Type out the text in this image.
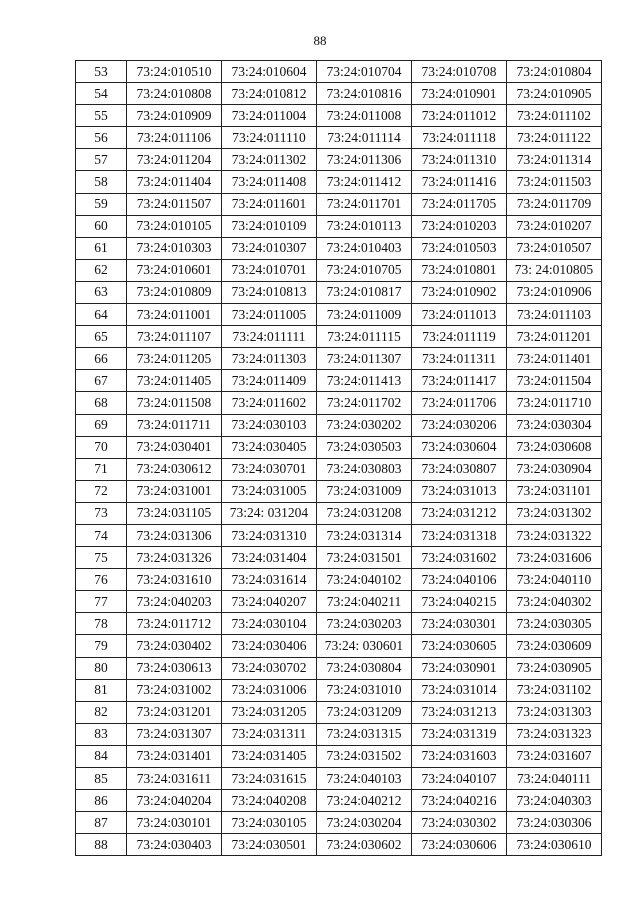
88
53	73:24:010510	73:24:010604	73:24:010704	73:24:010708	73:24:010804
54	73:24:010808	73:24:010812	73:24:010816	73:24:010901	73:24:010905
55	73:24:010909	73:24:011004	73:24:011008	73:24:011012	73:24:011102
56	73:24:011106	73:24:011110	73:24:011114	73:24:011118	73:24:011122
57	73:24:011204	73:24:011302	73:24:011306	73:24:011310	73:24:011314
58	73:24:011404	73:24:011408	73:24:011412	73:24:011416	73:24:011503
59	73:24:011507	73:24:011601	73:24:011701	73:24:011705	73:24:011709
60	73:24:010105	73:24:010109	73:24:010113	73:24:010203	73:24:010207
61	73:24:010303	73:24:010307	73:24:010403	73:24:010503	73:24:010507
62	73:24:010601	73:24:010701	73:24:010705	73:24:010801	73: 24:010805
63	73:24:010809	73:24:010813	73:24:010817	73:24:010902	73:24:010906
64	73:24:011001	73:24:011005	73:24:011009	73:24:011013	73:24:011103
65	73:24:011107	73:24:011111	73:24:011115	73:24:011119	73:24:011201
66	73:24:011205	73:24:011303	73:24:011307	73:24:011311	73:24:011401
67	73:24:011405	73:24:011409	73:24:011413	73:24:011417	73:24:011504
68	73:24:011508	73:24:011602	73:24:011702	73:24:011706	73:24:011710
69	73:24:011711	73:24:030103	73:24:030202	73:24:030206	73:24:030304
70	73:24:030401	73:24:030405	73:24:030503	73:24:030604	73:24:030608
71	73:24:030612	73:24:030701	73:24:030803	73:24:030807	73:24:030904
72	73:24:031001	73:24:031005	73:24:031009	73:24:031013	73:24:031101
73	73:24:031105	73:24: 031204	73:24:031208	73:24:031212	73:24:031302
74	73:24:031306	73:24:031310	73:24:031314	73:24:031318	73:24:031322
75	73:24:031326	73:24:031404	73:24:031501	73:24:031602	73:24:031606
76	73:24:031610	73:24:031614	73:24:040102	73:24:040106	73:24:040110
77	73:24:040203	73:24:040207	73:24:040211	73:24:040215	73:24:040302
78	73:24:011712	73:24:030104	73:24:030203	73:24:030301	73:24:030305
79	73:24:030402	73:24:030406	73:24: 030601	73:24:030605	73:24:030609
80	73:24:030613	73:24:030702	73:24:030804	73:24:030901	73:24:030905
81	73:24:031002	73:24:031006	73:24:031010	73:24:031014	73:24:031102
82	73:24:031201	73:24:031205	73:24:031209	73:24:031213	73:24:031303
83	73:24:031307	73:24:031311	73:24:031315	73:24:031319	73:24:031323
84	73:24:031401	73:24:031405	73:24:031502	73:24:031603	73:24:031607
85	73:24:031611	73:24:031615	73:24:040103	73:24:040107	73:24:040111
86	73:24:040204	73:24:040208	73:24:040212	73:24:040216	73:24:040303
87	73:24:030101	73:24:030105	73:24:030204	73:24:030302	73:24:030306
88	73:24:030403	73:24:030501	73:24:030602	73:24:030606	73:24:030610
